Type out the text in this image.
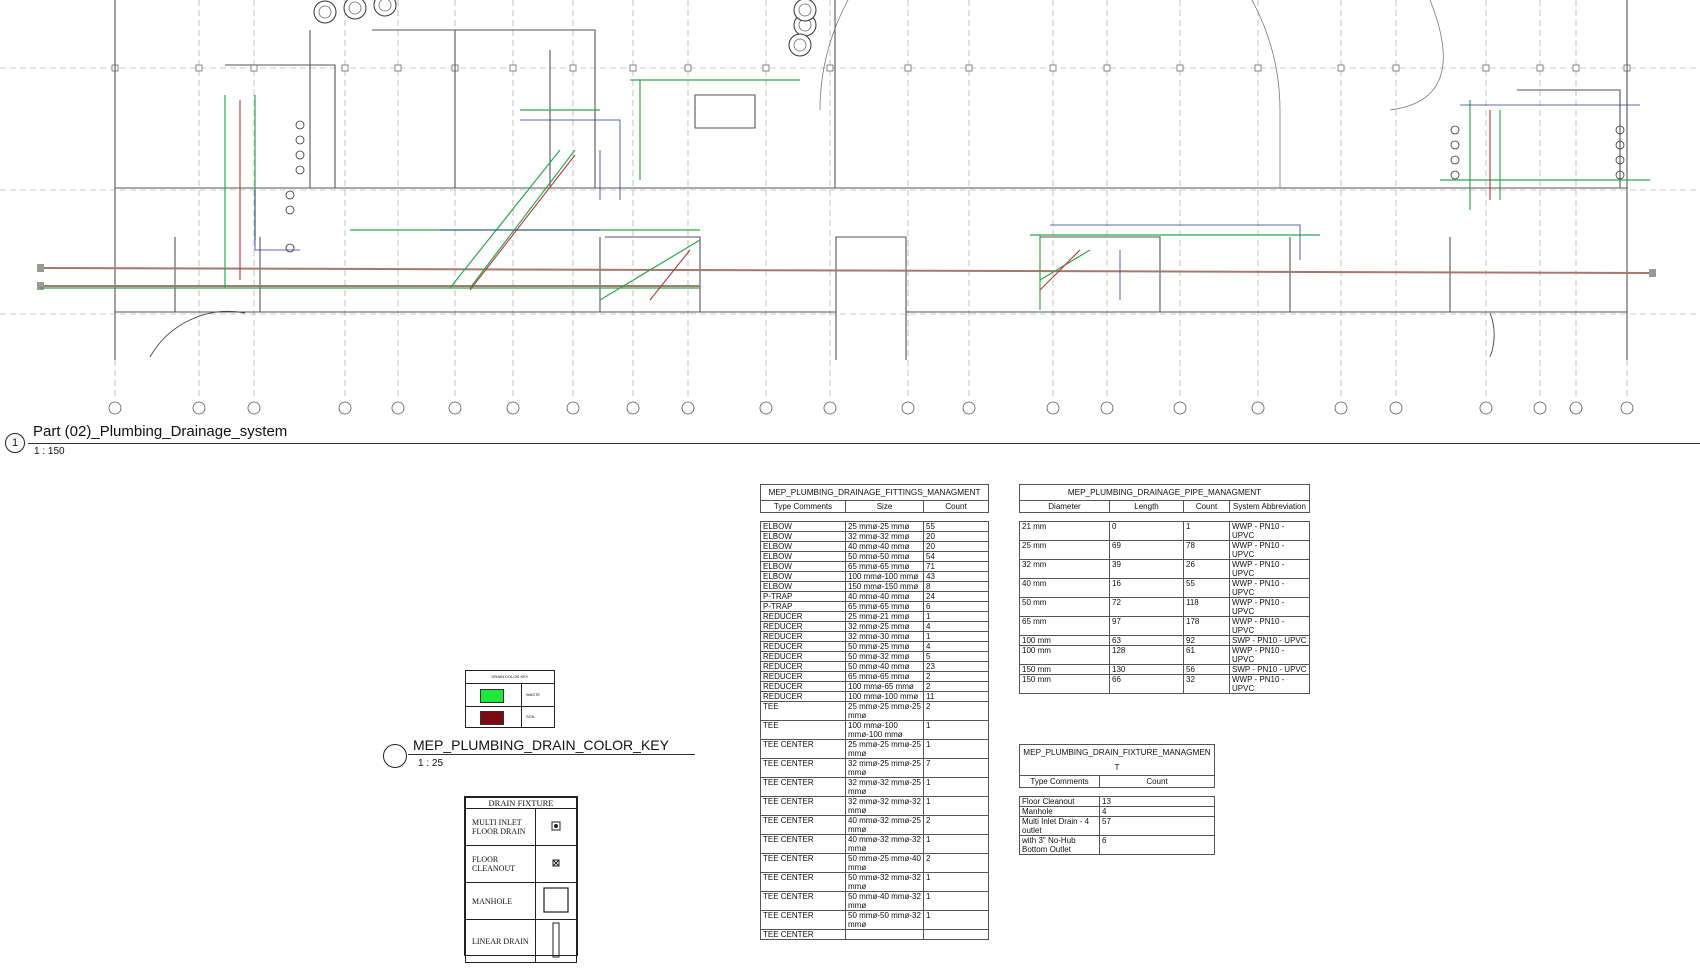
1
Part (02)_Plumbing_Drainage_system
1 : 150
DRAIN COLOR KEY
WASTE
SOIL
MEP_PLUMBING_DRAIN_COLOR_KEY
1 : 25
DRAIN FIXTURE	
MULTI INLET FLOOR DRAIN	
FLOOR CLEANOUT	
MANHOLE	
LINEAR DRAIN	
MEP_PLUMBING_DRAINAGE_FITTINGS_MANAGMENT		
Type Comments	Size	Count

ELBOW	25 mmø-25 mmø	55
ELBOW	32 mmø-32 mmø	20
ELBOW	40 mmø-40 mmø	20
ELBOW	50 mmø-50 mmø	54
ELBOW	65 mmø-65 mmø	71
ELBOW	100 mmø-100 mmø	43
ELBOW	150 mmø-150 mmø	8
P-TRAP	40 mmø-40 mmø	24
P-TRAP	65 mmø-65 mmø	6
REDUCER	25 mmø-21 mmø	1
REDUCER	32 mmø-25 mmø	4
REDUCER	32 mmø-30 mmø	1
REDUCER	50 mmø-25 mmø	4
REDUCER	50 mmø-32 mmø	5
REDUCER	50 mmø-40 mmø	23
REDUCER	65 mmø-65 mmø	2
REDUCER	100 mmø-65 mmø	2
REDUCER	100 mmø-100 mmø	11
TEE	25 mmø-25 mmø-25 mmø	2
TEE	100 mmø-100 mmø-100 mmø	1
TEE CENTER	25 mmø-25 mmø-25 mmø	1
TEE CENTER	32 mmø-25 mmø-25 mmø	7
TEE CENTER	32 mmø-32 mmø-25 mmø	1
TEE CENTER	32 mmø-32 mmø-32 mmø	1
TEE CENTER	40 mmø-32 mmø-25 mmø	2
TEE CENTER	40 mmø-32 mmø-32 mmø	1
TEE CENTER	50 mmø-25 mmø-40 mmø	2
TEE CENTER	50 mmø-32 mmø-32 mmø	1
TEE CENTER	50 mmø-40 mmø-32 mmø	1
TEE CENTER	50 mmø-50 mmø-32 mmø	1
TEE CENTER		
MEP_PLUMBING_DRAINAGE_PIPE_MANAGMENT			
Diameter	Length	Count	System Abbreviation

21 mm	0	1	WWP - PN10 - UPVC
25 mm	69	78	WWP - PN10 - UPVC
32 mm	39	26	WWP - PN10 - UPVC
40 mm	16	55	WWP - PN10 - UPVC
50 mm	72	118	WWP - PN10 - UPVC
65 mm	97	178	WWP - PN10 - UPVC
100 mm	63	92	SWP - PN10 - UPVC
100 mm	128	61	WWP - PN10 - UPVC
150 mm	130	56	SWP - PN10 - UPVC
150 mm	66	32	WWP - PN10 - UPVC
MEP_PLUMBING_DRAIN_FIXTURE_MANAGMENT	
Type Comments	Count

Floor Cleanout	13
Manhole	4
Multi Inlet Drain - 4 outlet	57
with 3" No-Hub Bottom Outlet	6
